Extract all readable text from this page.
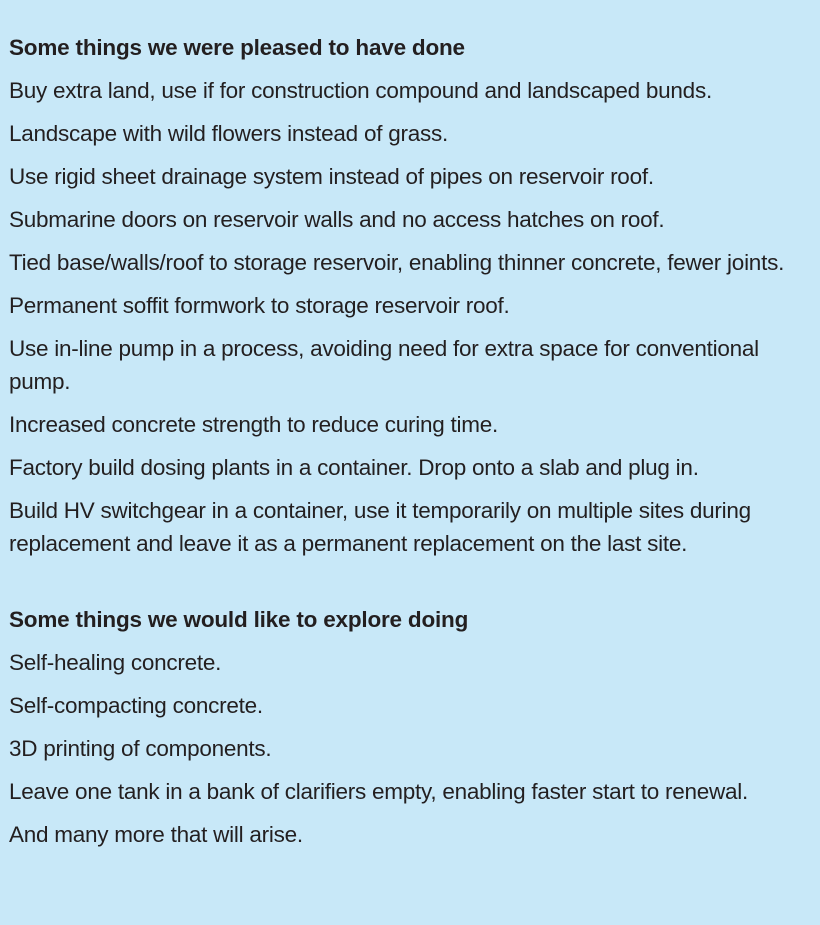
Some things we were pleased to have done
Buy extra land, use if for construction compound and landscaped bunds.
Landscape with wild flowers instead of grass.
Use rigid sheet drainage system instead of pipes on reservoir roof.
Submarine doors on reservoir walls and no access hatches on roof.
Tied base/walls/roof to storage reservoir, enabling thinner concrete, fewer joints.
Permanent soffit formwork to storage reservoir roof.
Use in-line pump in a process, avoiding need for extra space for conventional pump.
Increased concrete strength to reduce curing time.
Factory build dosing plants in a container. Drop onto a slab and plug in.
Build HV switchgear in a container, use it temporarily on multiple sites during replacement and leave it as a permanent replacement on the last site.
Some things we would like to explore doing
Self-healing concrete.
Self-compacting concrete.
3D printing of components.
Leave one tank in a bank of clarifiers empty, enabling faster start to renewal.
And many more that will arise.
